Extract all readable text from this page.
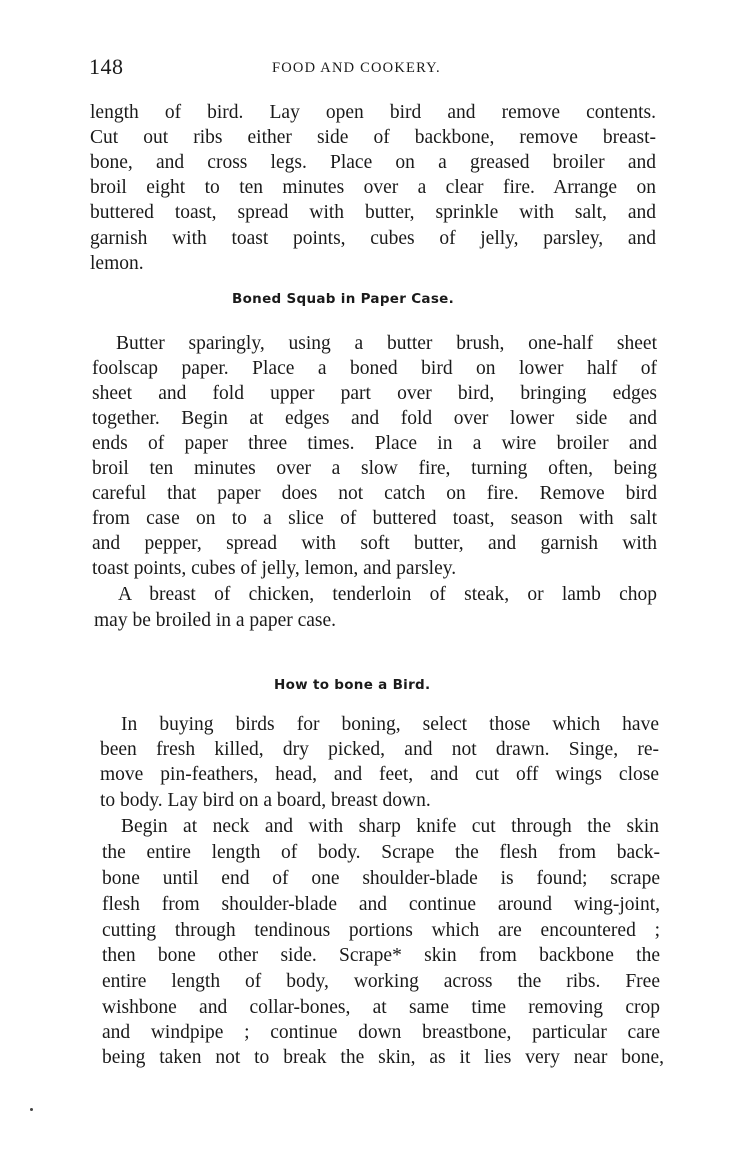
148	FOOD AND COOKERY.
length of bird. Lay open bird and remove contents.
Cut out ribs either side of backbone, remove breast-
bone, and cross legs. Place on a greased broiler and
broil eight to ten minutes over a clear fire. Arrange on
buttered toast, spread with butter, sprinkle with salt, and
garnish with toast points, cubes of jelly, parsley, and
lemon.
Boned Squab in Paper Case.
Butter sparingly, using a butter brush, one-half sheet
foolscap paper. Place a boned bird on lower half of
sheet and fold upper part over bird, bringing edges
together. Begin at edges and fold over lower side and
ends of paper three times. Place in a wire broiler and
broil ten minutes over a slow fire, turning often, being
careful that paper does not catch on fire. Remove bird
from case on to a slice of buttered toast, season with salt
and pepper, spread with soft butter, and garnish with
toast points, cubes of jelly, lemon, and parsley.
A breast of chicken, tenderloin of steak, or lamb chop
may be broiled in a paper case.
How to bone a Bird.
In buying birds for boning, select those which have
been fresh killed, dry picked, and not drawn. Singe, re-
move pin-feathers, head, and feet, and cut off wings close
to body. Lay bird on a board, breast down.
Begin at neck and with sharp knife cut through the skin
the entire length of body. Scrape the flesh from back-
bone until end of one shoulder-blade is found; scrape
flesh from shoulder-blade and continue around wing-joint,
cutting through tendinous portions which are encountered ;
then bone other side. Scrape* skin from backbone the
entire length of body, working across the ribs. Free
wishbone and collar-bones, at same time removing crop
and windpipe ; continue down breastbone, particular care
being taken not to break the skin, as it lies very near bone,
